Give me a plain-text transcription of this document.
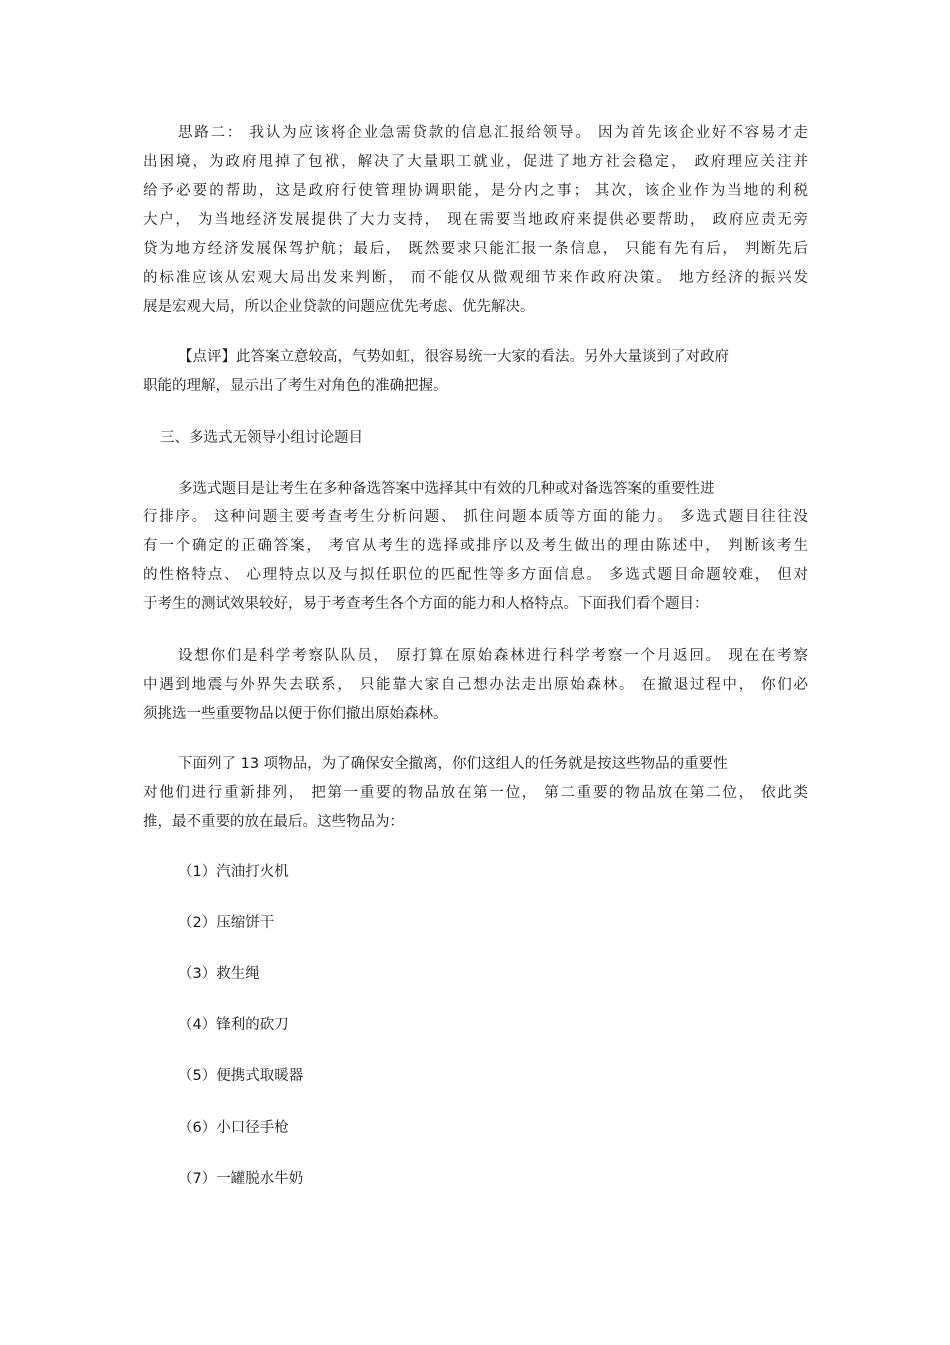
思路二： 我认为应该将企业急需贷款的信息汇报给领导。 因为首先该企业好不容易才走
出困境，为政府甩掉了包袱，解决了大量职工就业，促进了地方社会稳定， 政府理应关注并
给予必要的帮助，这是政府行使管理协调职能，是分内之事； 其次，该企业作为当地的利税
大户， 为当地经济发展提供了大力支持， 现在需要当地政府来提供必要帮助， 政府应责无旁
贷为地方经济发展保驾护航；最后， 既然要求只能汇报一条信息， 只能有先有后， 判断先后
的标准应该从宏观大局出发来判断， 而不能仅从微观细节来作政府决策。 地方经济的振兴发
展是宏观大局，所以企业贷款的问题应优先考虑、优先解决。
【点评】此答案立意较高，气势如虹，很容易统一大家的看法。另外大量谈到了对政府
职能的理解，显示出了考生对角色的准确把握。
三、多选式无领导小组讨论题目
多选式题目是让考生在多种备选答案中选择其中有效的几种或对备选答案的重要性进
行排序。 这种问题主要考查考生分析问题、 抓住问题本质等方面的能力。 多选式题目往往没
有一个确定的正确答案， 考官从考生的选择或排序以及考生做出的理由陈述中， 判断该考生
的性格特点、 心理特点以及与拟任职位的匹配性等多方面信息。 多选式题目命题较难， 但对
于考生的测试效果较好，易于考查考生各个方面的能力和人格特点。下面我们看个题目：
设想你们是科学考察队队员， 原打算在原始森林进行科学考察一个月返回。 现在在考察
中遇到地震与外界失去联系， 只能靠大家自己想办法走出原始森林。 在撤退过程中， 你们必
须挑选一些重要物品以便于你们撤出原始森林。
下面列了 13 项物品，为了确保安全撤离，你们这组人的任务就是按这些物品的重要性
对他们进行重新排列， 把第一重要的物品放在第一位， 第二重要的物品放在第二位， 依此类
推，最不重要的放在最后。这些物品为：
（1）汽油打火机
（2）压缩饼干
（3）救生绳
（4）锋利的砍刀
（5）便携式取暖器
（6）小口径手枪
（7）一罐脱水牛奶
